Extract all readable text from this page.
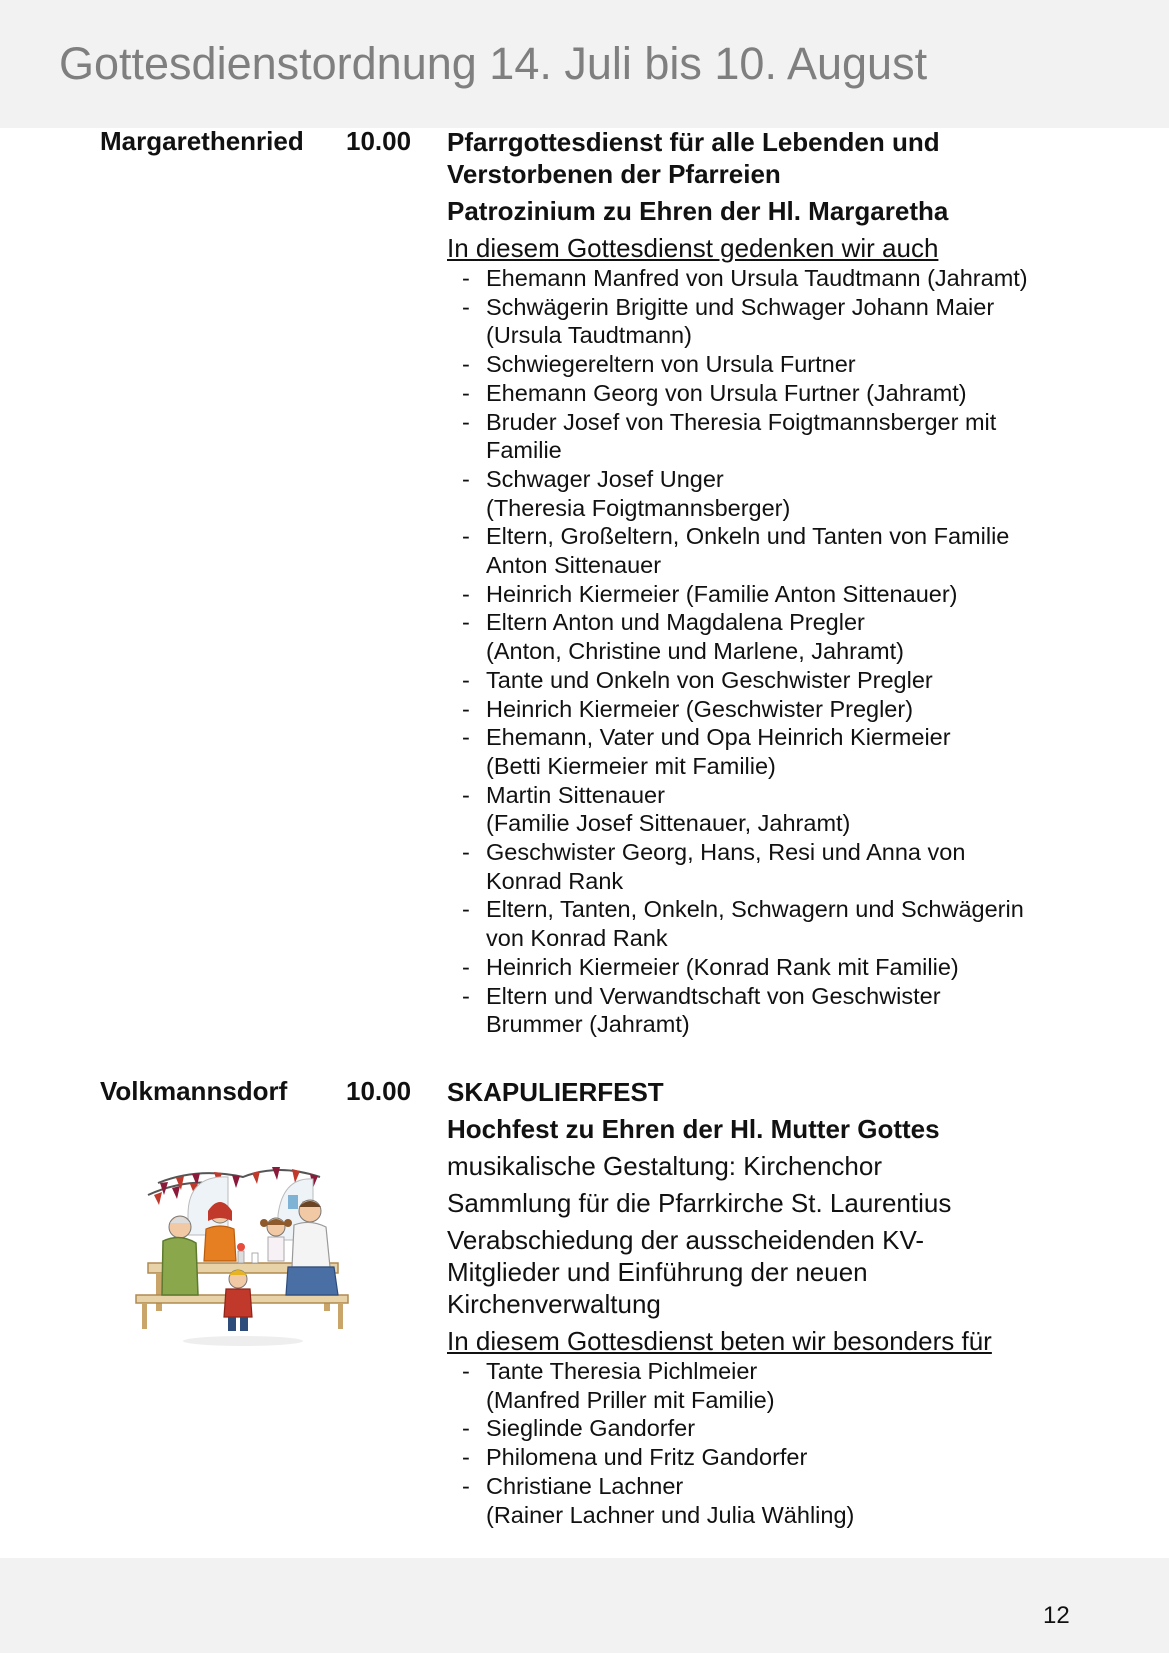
Gottesdienstordnung 14. Juli bis 10. August
Margarethenried 10.00 Pfarrgottesdienst für alle Lebenden und Verstorbenen der Pfarreien

Patrozinium zu Ehren der Hl. Margaretha

In diesem Gottesdienst gedenken wir auch

- Ehemann Manfred von Ursula Taudtmann (Jahramt)
- Schwägerin Brigitte und Schwager Johann Maier (Ursula Taudtmann)
- Schwiegereltern von Ursula Furtner
- Ehemann Georg von Ursula Furtner (Jahramt)
- Bruder Josef von Theresia Foigtmannsberger mit Familie
- Schwager Josef Unger
(Theresia Foigtmannsberger)
- Eltern, Großeltern, Onkeln und Tanten von Familie Anton Sittenauer
- Heinrich Kiermeier (Familie Anton Sittenauer)
- Eltern Anton und Magdalena Pregler
(Anton, Christine und Marlene, Jahramt)
- Tante und Onkeln von Geschwister Pregler
- Heinrich Kiermeier (Geschwister Pregler)
- Ehemann, Vater und Opa Heinrich Kiermeier (Betti Kiermeier mit Familie)
- Martin Sittenauer
(Familie Josef Sittenauer, Jahramt)
- Geschwister Georg, Hans, Resi und Anna von Konrad Rank
- Eltern, Tanten, Onkeln, Schwagern und Schwägerin von Konrad Rank
- Heinrich Kiermeier (Konrad Rank mit Familie)
- Eltern und Verwandtschaft von Geschwister Brummer (Jahramt)
Volkmannsdorf 10.00 SKAPULIERFEST

Hochfest zu Ehren der Hl. Mutter Gottes

musikalische Gestaltung: Kirchenchor

Sammlung für die Pfarrkirche St. Laurentius

Verabschiedung der ausscheidenden KV-Mitglieder und Einführung der neuen Kirchenverwaltung

In diesem Gottesdienst beten wir besonders für

- Tante Theresia Pichlmeier
(Manfred Priller mit Familie)
- Sieglinde Gandorfer
- Philomena und Fritz Gandorfer
- Christiane Lachner
(Rainer Lachner und Julia Wähling)
12
